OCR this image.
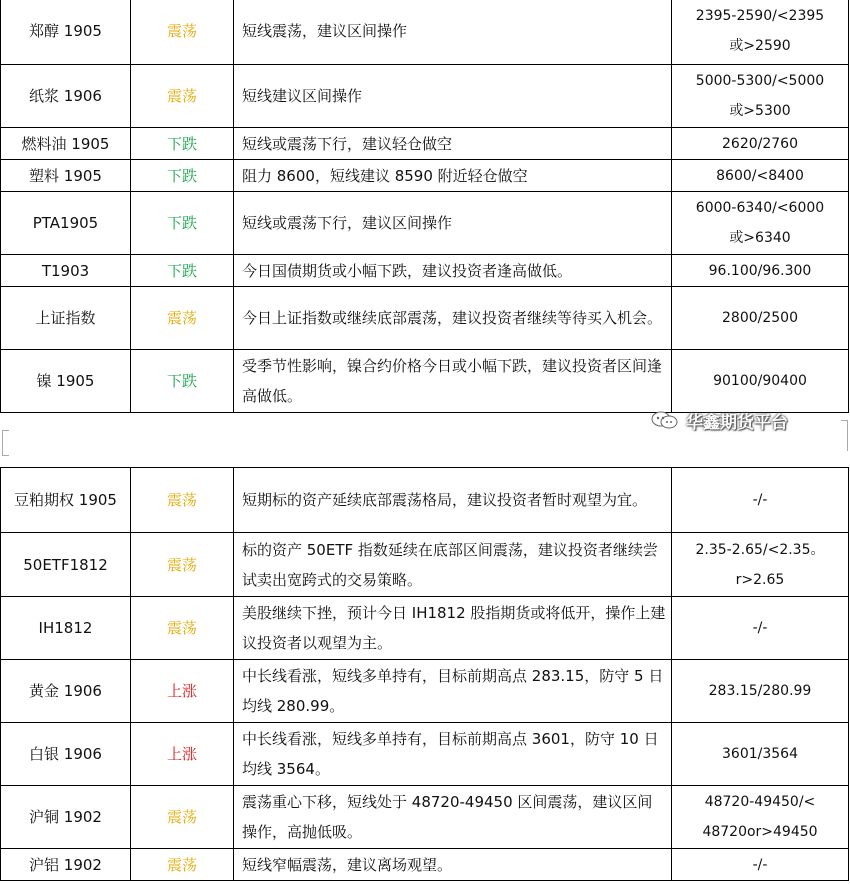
郑醇 1905	震荡	短线震荡，建议区间操作	2395-2590/<2395
或>2590

纸浆 1906	震荡	短线建议区间操作	5000-5300/<5000
或>5300

燃料油 1905	下跌	短线或震荡下行，建议轻仓做空	2620/2760

塑料 1905	下跌	阻力 8600，短线建议 8590 附近轻仓做空	8600/<8400

PTA1905	下跌	短线或震荡下行，建议区间操作	6000-6340/<6000
或>6340

T1903	下跌	今日国债期货或小幅下跌，建议投资者逢高做低。	96.100/96.300

上证指数	震荡	今日上证指数或继续底部震荡，建议投资者继续等待买入机会。	2800/2500

镍 1905	下跌	受季节性影响，镍合约价格今日或小幅下跌，建议投资者区间逢高做低。	90100/90400
华鑫期货平台
豆粕期权 1905	震荡	短期标的资产延续底部震荡格局，建议投资者暂时观望为宜。	-/-

50ETF1812	震荡	标的资产 50ETF 指数延续在底部区间震荡，建议投资者继续尝试卖出宽跨式的交易策略。	2.35-2.65/<2.35。
r>2.65

IH1812	震荡	美股继续下挫，预计今日 IH1812 股指期货或将低开，操作上建议投资者以观望为主。	-/-

黄金 1906	上涨	中长线看涨，短线多单持有，目标前期高点 283.15，防守 5 日均线 280.99。	283.15/280.99

白银 1906	上涨	中长线看涨，短线多单持有，目标前期高点 3601，防守 10 日均线 3564。	3601/3564

沪铜 1902	震荡	震荡重心下移，短线处于 48720-49450 区间震荡，建议区间操作，高抛低吸。	48720-49450/<
48720or>49450

沪铝 1902	震荡	短线窄幅震荡，建议离场观望。	-/-
